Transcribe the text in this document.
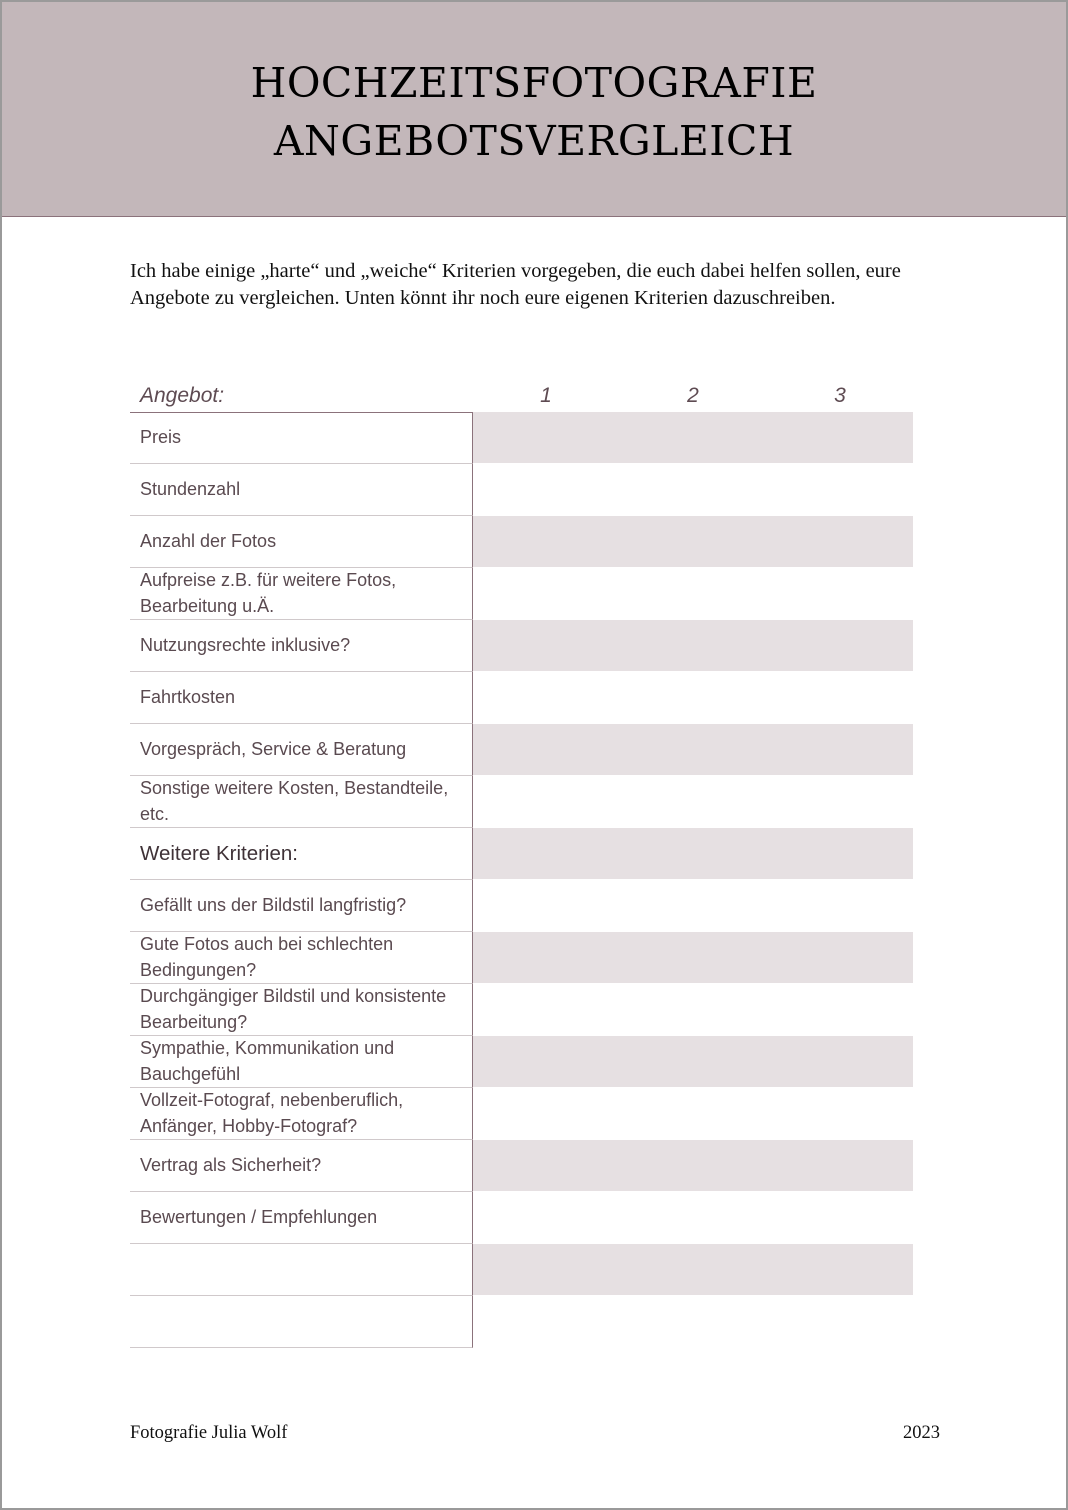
HOCHZEITSFOTOGRAFIE
ANGEBOTSVERGLEICH
Ich habe einige „harte“ und „weiche“ Kriterien vorgegeben, die euch dabei helfen sollen, eure Angebote zu vergleichen. Unten könnt ihr noch eure eigenen Kriterien dazuschreiben.
Angebot:	1	2	3
Preis
Stundenzahl
Anzahl der Fotos
Aufpreise z.B. für weitere Fotos, Bearbeitung u.Ä.
Nutzungsrechte inklusive?
Fahrtkosten
Vorgespräch, Service & Beratung
Sonstige weitere Kosten, Bestandteile, etc.
Weitere Kriterien:
Gefällt uns der Bildstil langfristig?
Gute Fotos auch bei schlechten Bedingungen?
Durchgängiger Bildstil und konsistente Bearbeitung?
Sympathie, Kommunikation und Bauchgefühl
Vollzeit-Fotograf, nebenberuflich, Anfänger, Hobby-Fotograf?
Vertrag als Sicherheit?
Bewertungen / Empfehlungen
Fotografie Julia Wolf	2023
